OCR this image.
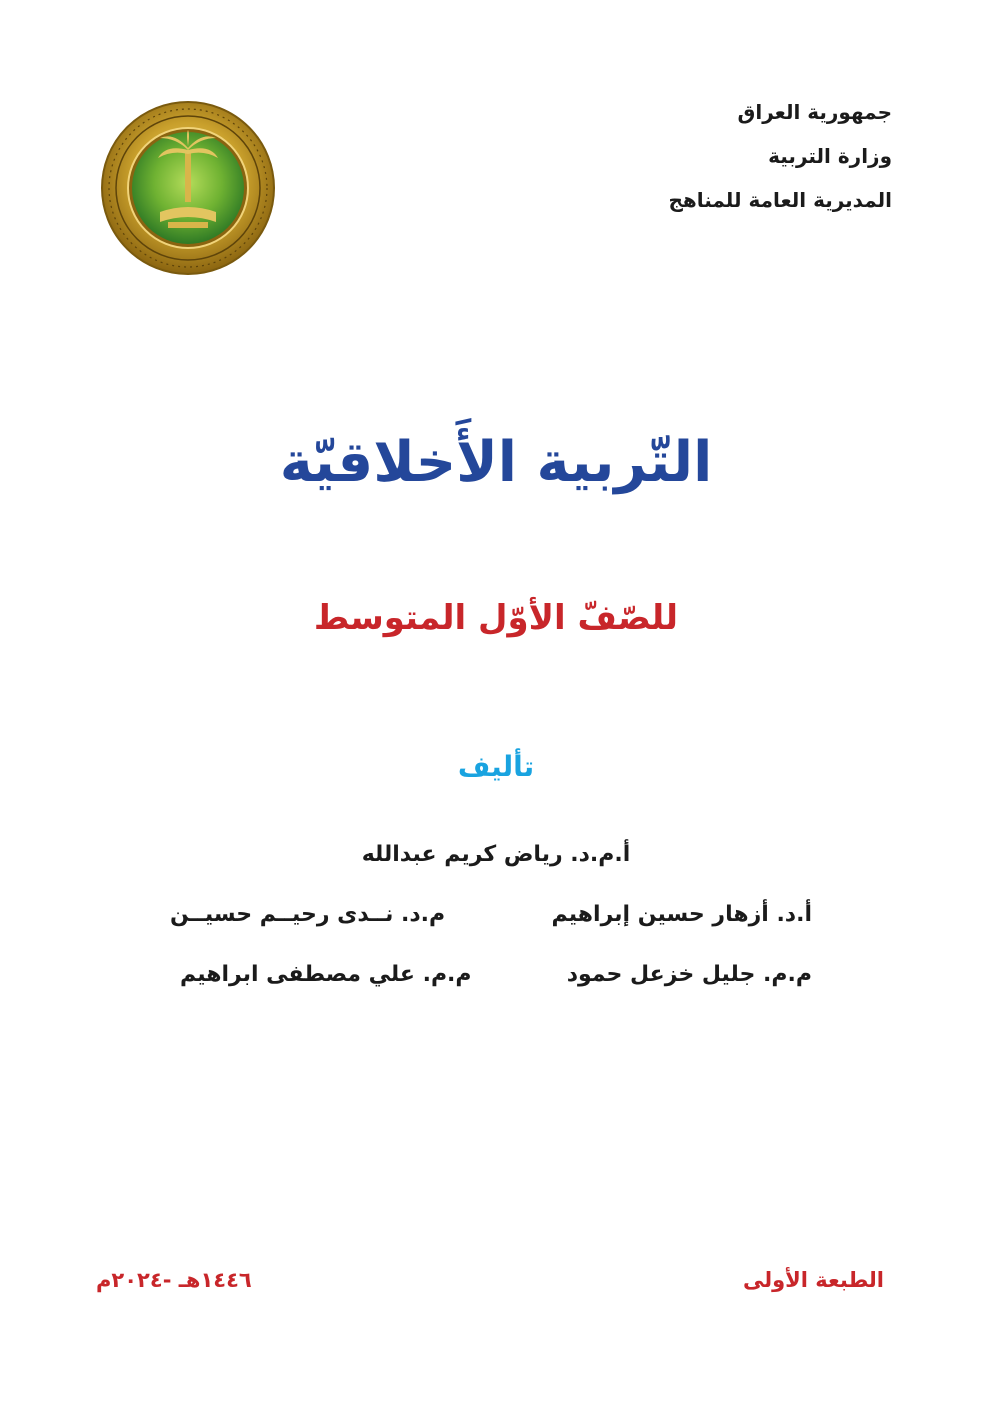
جمهورية العراق
وزارة التربية
المديرية العامة للمناهج
التّربية الأَخلاقيّة
للصّفّ الأوّل المتوسط
تأليف
أ.م.د. رياض كريم عبدالله
أ.د. أزهار حسين إبراهيم
م.م. جليل خزعل حمود
م.د. نــدى رحيــم حسيــن
م.م. علي مصطفى ابراهيم
الطبعة الأولى
١٤٤٦هـ -٢٠٢٤م
